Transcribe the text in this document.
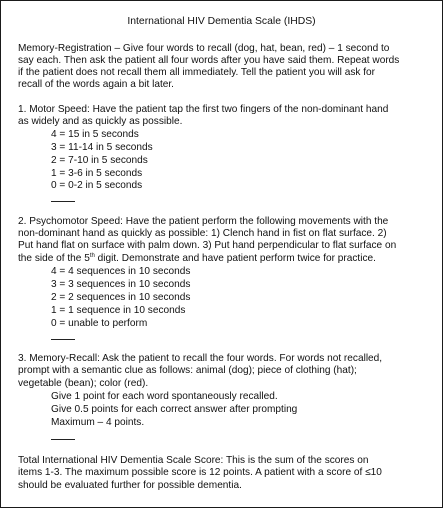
International HIV Dementia Scale (IHDS)
Memory-Registration – Give four words to recall (dog, hat, bean, red) – 1 second to
say each. Then ask the patient all four words after you have said them. Repeat words
if the patient does not recall them all immediately. Tell the patient you will ask for
recall of the words again a bit later.
1. Motor Speed: Have the patient tap the first two fingers of the non-dominant hand
as widely and as quickly as possible.
4 = 15 in 5 seconds
3 = 11-14 in 5 seconds
2 = 7-10 in 5 seconds
1 = 3-6 in 5 seconds
0 = 0-2 in 5 seconds
2. Psychomotor Speed: Have the patient perform the following movements with the
non-dominant hand as quickly as possible: 1) Clench hand in fist on flat surface. 2)
Put hand flat on surface with palm down. 3) Put hand perpendicular to flat surface on
the side of the 5th digit. Demonstrate and have patient perform twice for practice.
4 = 4 sequences in 10 seconds
3 = 3 sequences in 10 seconds
2 = 2 sequences in 10 seconds
1 = 1 sequence in 10 seconds
0 = unable to perform
3. Memory-Recall: Ask the patient to recall the four words. For words not recalled,
prompt with a semantic clue as follows: animal (dog); piece of clothing (hat);
vegetable (bean); color (red).
Give 1 point for each word spontaneously recalled.
Give 0.5 points for each correct answer after prompting
Maximum – 4 points.
Total International HIV Dementia Scale Score: This is the sum of the scores on
items 1-3. The maximum possible score is 12 points. A patient with a score of ≤10
should be evaluated further for possible dementia.
